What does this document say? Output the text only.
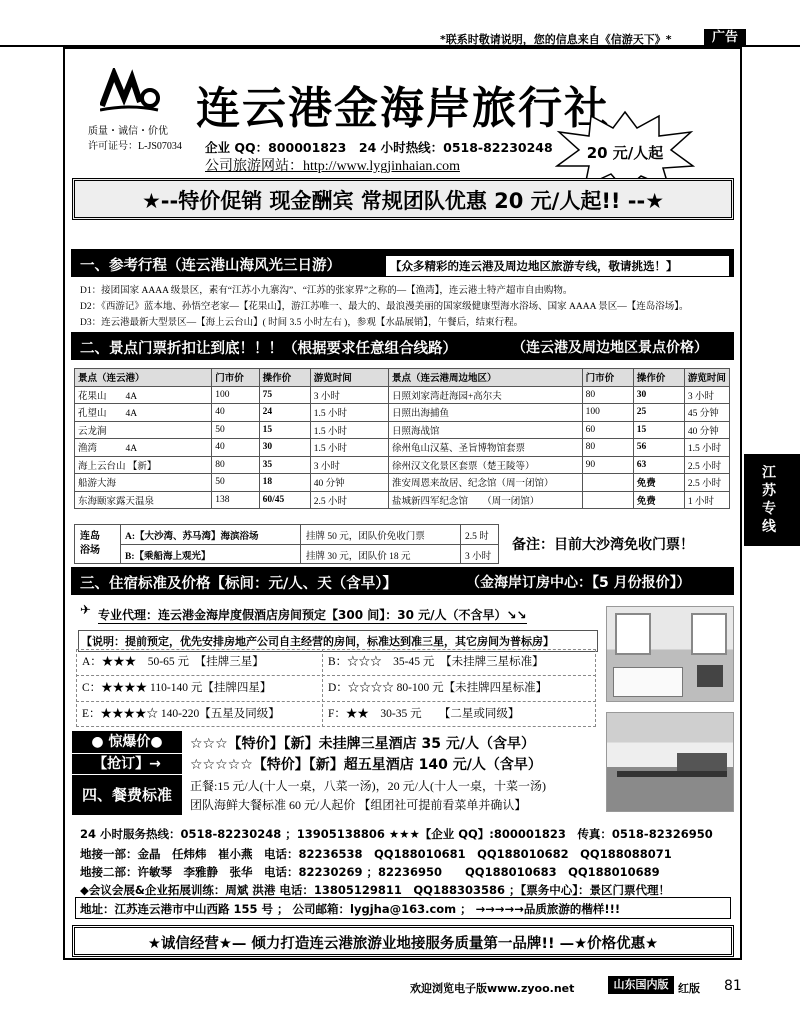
*联系时敬请说明，您的信息来自《信游天下》*	广告
质量・诚信・价优
许可证号：L-JS07034
连云港金海岸旅行社
企业 QQ：800001823　24 小时热线：0518-82230248
公司旅游网站：http://www.lygjinhaian.com
20 元/人起
★--特价促销 现金酬宾 常规团队优惠 20 元/人起!! --★
一、参考行程（连云港山海风光三日游）	【众多精彩的连云港及周边地区旅游专线，敬请挑选！】
D1：接团国家 AAAA 级景区，素有“江苏小九寨沟”、“江苏的张家界”之称的—【渔湾】，连云港土特产超市自由购物。
D2：《西游记》蓝本地、孙悟空老家—【花果山】，游江苏唯一、最大的、最浪漫美丽的国家级健康型海水浴场、国家 AAAA 景区—【连岛浴场】。
D3：连云港最新大型景区—【海上云台山】( 时间 3.5 小时左右 )，参观【水晶展销】，午餐后，结束行程。
二、景点门票折扣让到底！！！（根据要求任意组合线路）	（连云港及周边地区景点价格）
景点（连云港）	门市价	操作价	游览时间	景点（连云港周边地区）	门市价	操作价	游览时间
花果山　　4A	100	75	3 小时	日照刘家湾赶海园+高尔夫	80	30	3 小时
孔望山　　4A	40	24	1.5 小时	日照出海捕鱼	100	25	45 分钟
云龙涧	50	15	1.5 小时	日照海战馆	60	15	40 分钟
渔湾　　　4A	40	30	1.5 小时	徐州龟山汉墓、圣旨博物馆套票	80	56	1.5 小时
海上云台山 【新】	80	35	3 小时	徐州汉文化景区套票（楚王陵等）	90	63	2.5 小时
船游大海	50	18	40 分钟	淮安周恩来故居、纪念馆（周一闭馆）		免费	2.5 小时
东海颐家露天温泉	138	60/45	2.5 小时	盐城新四军纪念馆　　（周一闭馆）		免费	1 小时
连岛浴场
A:【大沙湾、苏马湾】海滨浴场	挂牌 50 元，团队价免收门票	2.5 时
B:【乘船海上观光】	挂牌 30 元，团队价 18 元	3 小时
备注：目前大沙湾免收门票！
三、住宿标准及价格【标间：元/人、天（含早）】	（金海岸订房中心：【5 月份报价】）
✈ 专业代理：连云港金海岸度假酒店房间预定【300 间】：30 元/人（不含早）↘↘
【说明：提前预定，优先安排房地产公司自主经营的房间，标准达到准三星，其它房间为普标房】
A：★★★　50-65 元　【挂牌三星】	B：☆☆☆　35-45 元　【未挂牌三星标准】
C：★★★★ 110-140 元【挂牌四星】	D：☆☆☆☆ 80-100 元【未挂牌四星标准】
E：★★★★☆ 140-220【五星及同级】	F：★★　30-35 元　　【二星或同级】
● 惊爆价●
【抢订】→
☆☆☆【特价】【新】未挂牌三星酒店 35 元/人（含早）
☆☆☆☆☆【特价】【新】超五星酒店 140 元/人（含早）
四、餐费标准	正餐:15 元/人(十人一桌，八菜一汤)，20 元/人(十人一桌，十菜一汤)
团队海鲜大餐标准 60 元/人起价 【组团社可提前看菜单并确认】
24 小时服务热线：0518-82230248 ；13905138806 ★★★【企业 QQ】:800001823　传真：0518-82326950
地接一部：金晶　任炜炜　崔小燕　电话：82236538　QQ188010681　QQ188010682　QQ188088071
地接二部：许敏琴　李雅静　张华　电话：82230269 ；82236950　　QQ188010683　QQ188010689
◆会议会展&企业拓展训练：周斌 洪港 电话：13805129811　QQ188303586 ；【票务中心】：景区门票代理！
地址：江苏连云港市中山西路 155 号 ； 公司邮箱：lygjha@163.com ； →→→→→品质旅游的楷样!!!
★诚信经营★— 倾力打造连云港旅游业地接服务质量第一品牌!! —★价格优惠★
江苏专线
欢迎浏览电子版www.zyoo.net	山东国内版 红版 81
